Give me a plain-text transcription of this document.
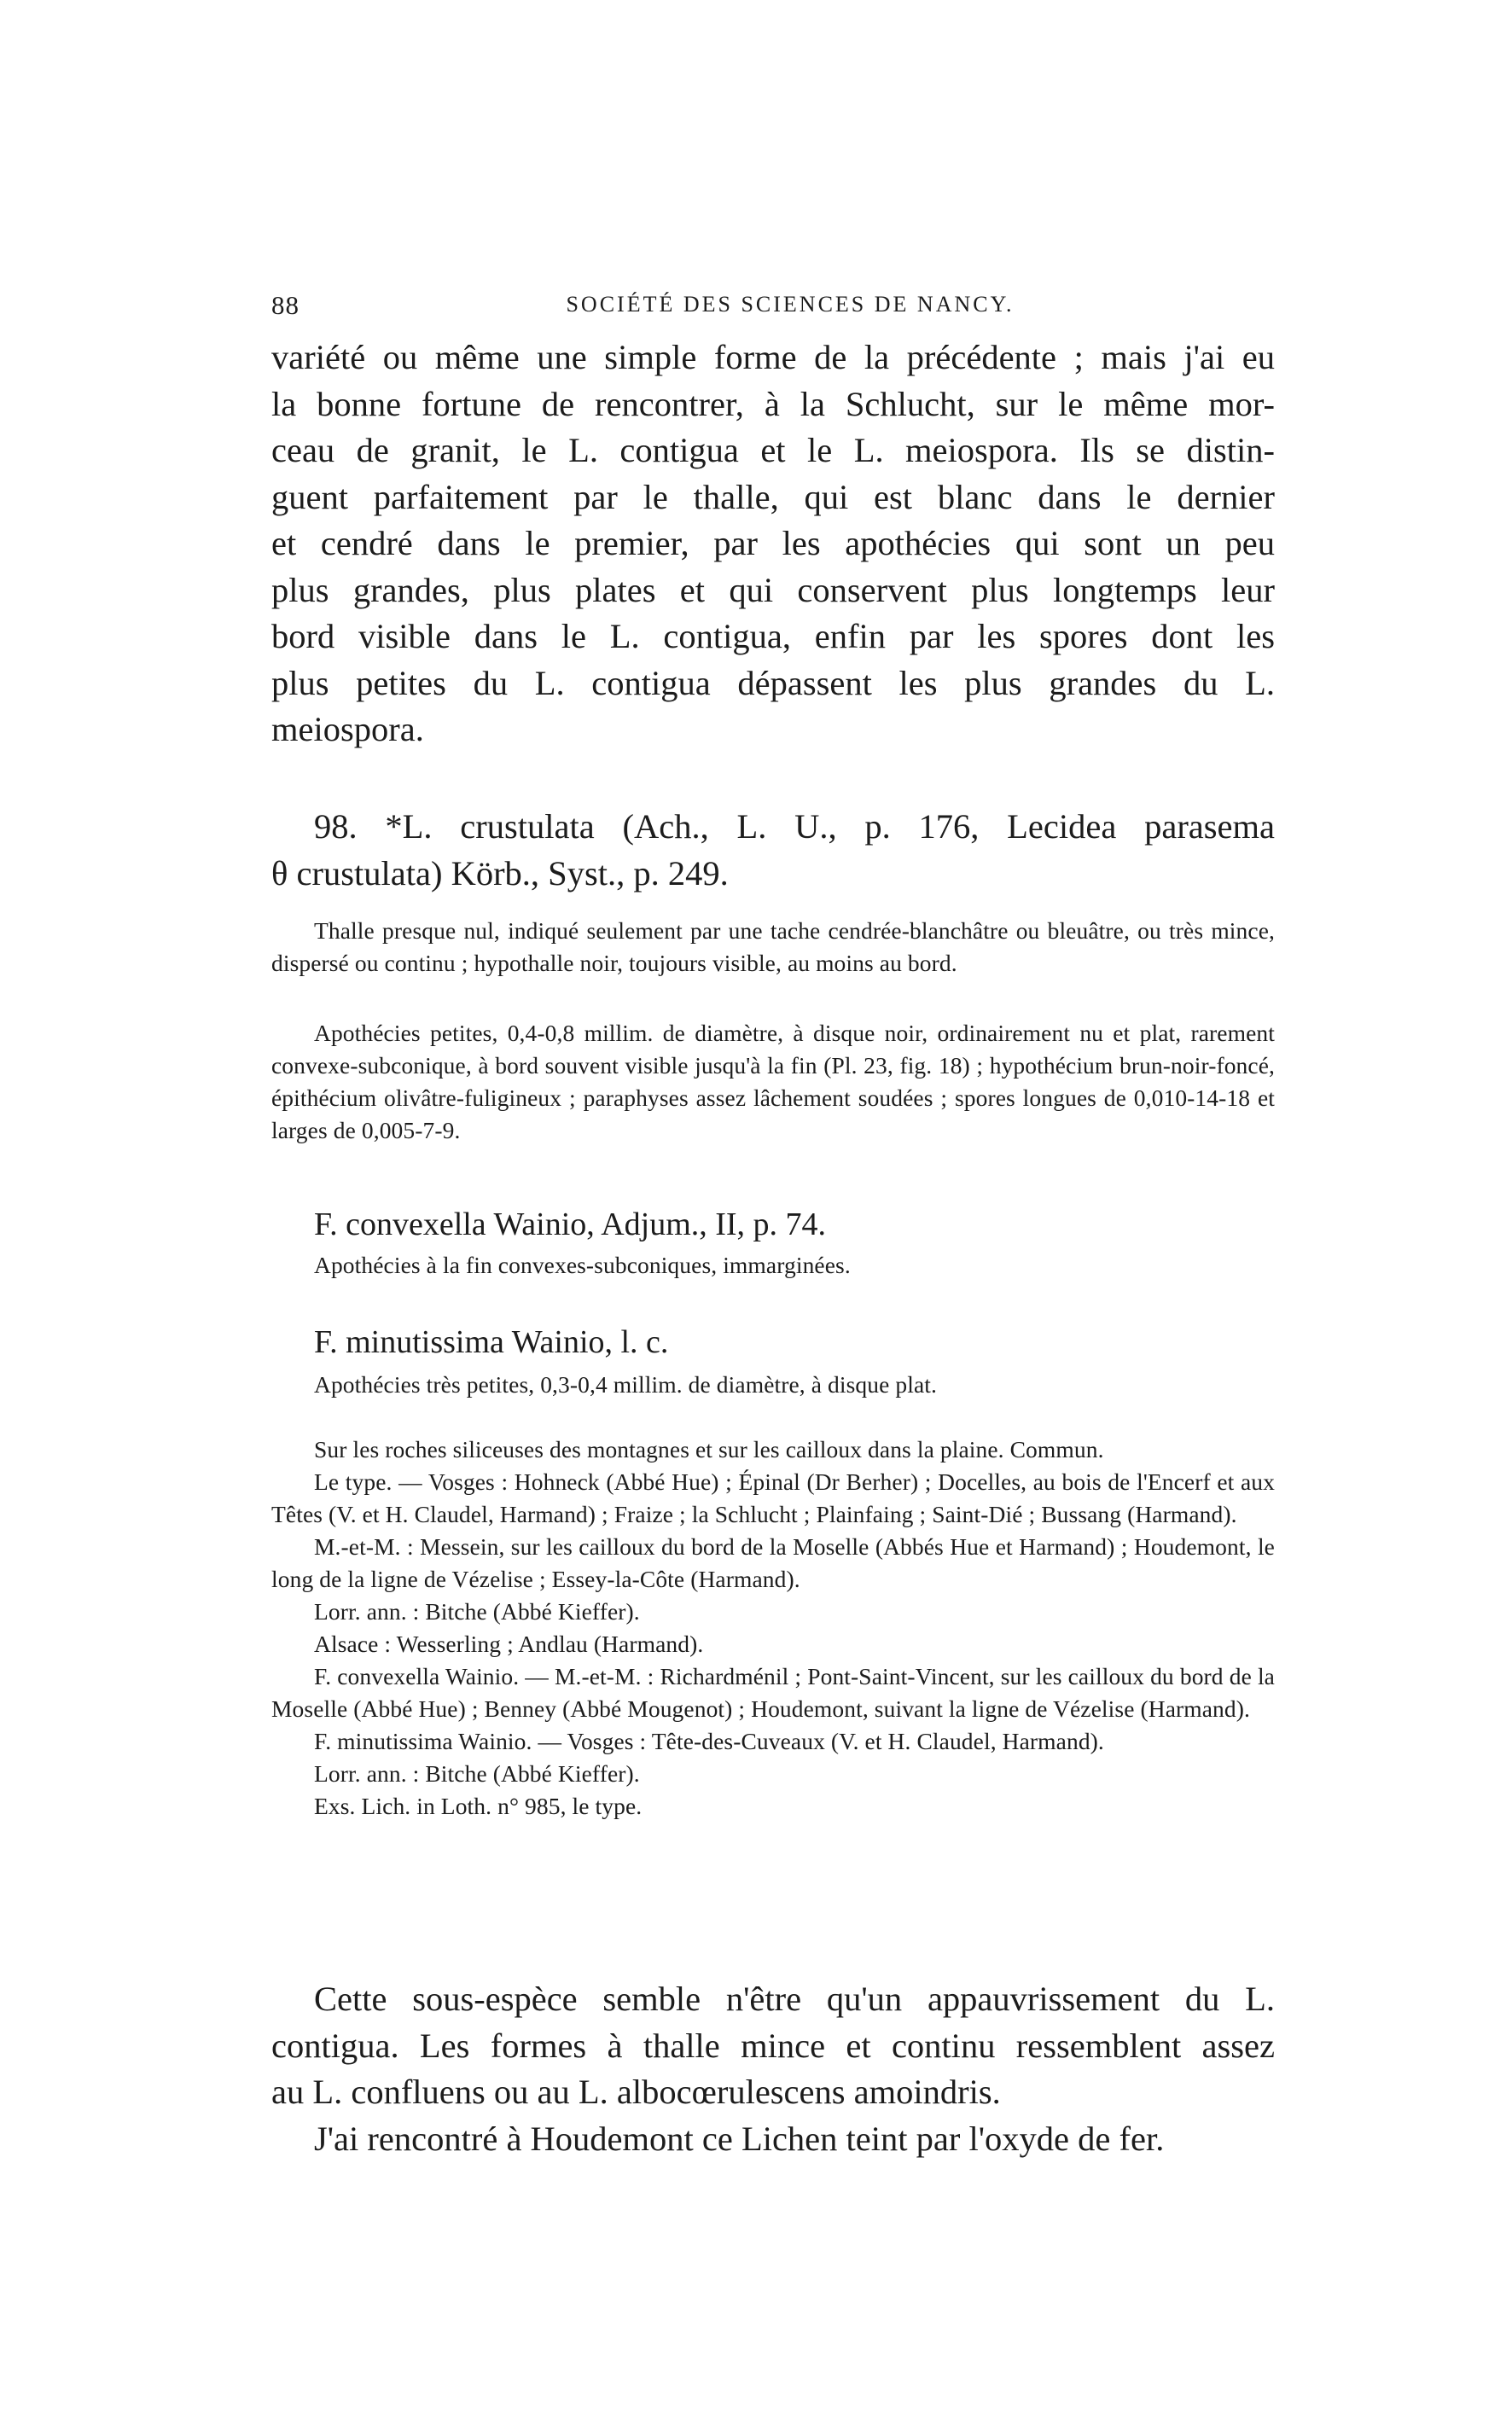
88	SOCIÉTÉ DES SCIENCES DE NANCY.
variété ou même une simple forme de la précédente ; mais j'ai eu
la bonne fortune de rencontrer, à la Schlucht, sur le même mor-
ceau de granit, le L. contigua et le L. meiospora. Ils se distin-
guent parfaitement par le thalle, qui est blanc dans le dernier
et cendré dans le premier, par les apothécies qui sont un peu
plus grandes, plus plates et qui conservent plus longtemps leur
bord visible dans le L. contigua, enfin par les spores dont les
plus petites du L. contigua dépassent les plus grandes du L.
meiospora.
98. *L. crustulata (Ach., L. U., p. 176, Lecidea parasema
θ crustulata) Körb., Syst., p. 249.

Thalle presque nul, indiqué seulement par une tache cendrée-blanchâtre ou bleuâtre, ou très mince, dispersé ou continu ; hypothalle noir, toujours visible, au moins au bord.

Apothécies petites, 0,4-0,8 millim. de diamètre, à disque noir, ordinairement nu et plat, rarement convexe-subconique, à bord souvent visible jusqu'à la fin (Pl. 23, fig. 18) ; hypothécium brun-noir-foncé, épithécium olivâtre-fuligineux ; paraphyses assez lâchement soudées ; spores longues de 0,010-14-18 et larges de 0,005-7-9.

F. convexella Wainio, Adjum., II, p. 74.
Apothécies à la fin convexes-subconiques, immarginées.
F. minutissima Wainio, l. c.
Apothécies très petites, 0,3-0,4 millim. de diamètre, à disque plat.

Sur les roches siliceuses des montagnes et sur les cailloux dans la plaine. Commun.

Le type. — Vosges : Hohneck (Abbé Hue) ; Épinal (Dr Berher) ; Docelles, au bois de l'Encerf et aux Têtes (V. et H. Claudel, Harmand) ; Fraize ; la Schlucht ; Plainfaing ; Saint-Dié ; Bussang (Harmand).

M.-et-M. : Messein, sur les cailloux du bord de la Moselle (Abbés Hue et Harmand) ; Houdemont, le long de la ligne de Vézelise ; Essey-la-Côte (Harmand).

Lorr. ann. : Bitche (Abbé Kieffer).

Alsace : Wesserling ; Andlau (Harmand).

F. convexella Wainio. — M.-et-M. : Richardménil ; Pont-Saint-Vincent, sur les cailloux du bord de la Moselle (Abbé Hue) ; Benney (Abbé Mougenot) ; Houdemont, suivant la ligne de Vézelise (Harmand).

F. minutissima Wainio. — Vosges : Tête-des-Cuveaux (V. et H. Claudel, Harmand).

Lorr. ann. : Bitche (Abbé Kieffer).

Exs. Lich. in Loth. n° 985, le type.

Cette sous-espèce semble n'être qu'un appauvrissement du L.
contigua. Les formes à thalle mince et continu ressemblent assez
au L. confluens ou au L. albocœrulescens amoindris.
J'ai rencontré à Houdemont ce Lichen teint par l'oxyde de fer.
